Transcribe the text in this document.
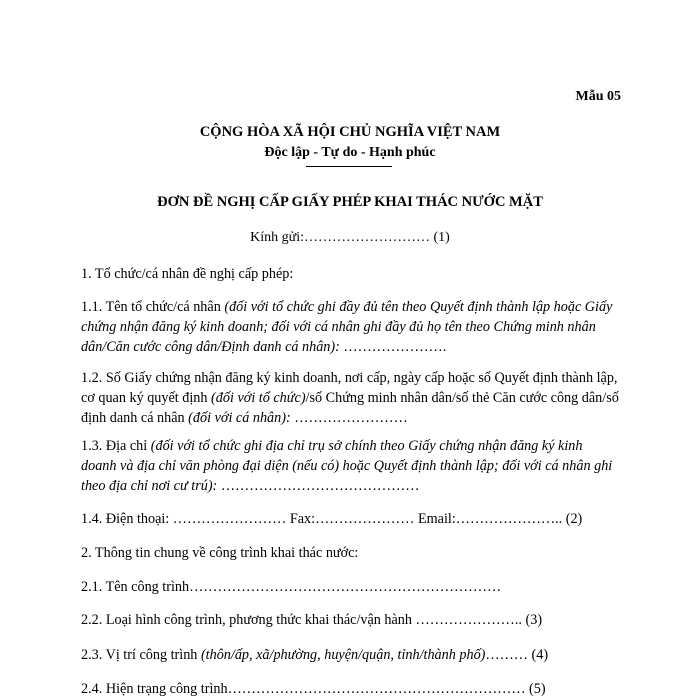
Mẫu 05
CỘNG HÒA XÃ HỘI CHỦ NGHĨA VIỆT NAM
Độc lập - Tự do - Hạnh phúc
ĐƠN ĐỀ NGHỊ CẤP GIẤY PHÉP KHAI THÁC NƯỚC MẶT
Kính gửi:……………………… (1)

1. Tổ chức/cá nhân đề nghị cấp phép:

1.1. Tên tổ chức/cá nhân (đối với tổ chức ghi đầy đủ tên theo Quyết định thành lập hoặc Giấy chứng nhận đăng ký kinh doanh; đối với cá nhân ghi đầy đủ họ tên theo Chứng minh nhân dân/Căn cước công dân/Định danh cá nhân): ………………….

1.2. Số Giấy chứng nhận đăng ký kinh doanh, nơi cấp, ngày cấp hoặc số Quyết định thành lập, cơ quan ký quyết định (đối với tổ chức)/số Chứng minh nhân dân/số thẻ Căn cước công dân/số định danh cá nhân (đối với cá nhân): ……………………

1.3. Địa chỉ (đối với tổ chức ghi địa chỉ trụ sở chính theo Giấy chứng nhận đăng ký kinh doanh và địa chỉ văn phòng đại diện (nếu có) hoặc Quyết định thành lập; đối với cá nhân ghi theo địa chỉ nơi cư trú): ……………………………………

1.4. Điện thoại: …………………… Fax:………………… Email:………………….. (2)

2. Thông tin chung về công trình khai thác nước:

2.1. Tên công trình…………………………………………………………

2.2. Loại hình công trình, phương thức khai thác/vận hành ………………….. (3)

2.3. Vị trí công trình (thôn/ấp, xã/phường, huyện/quận, tỉnh/thành phố)……… (4)

2.4. Hiện trạng công trình……………………………………………………… (5)
